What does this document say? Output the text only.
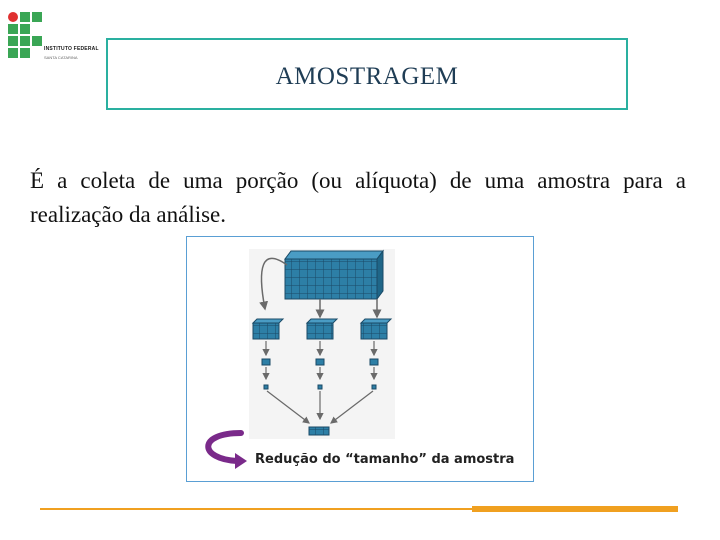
INSTITUTO FEDERAL
SANTA CATARINA
AMOSTRAGEM
É a coleta de uma porção (ou alíquota) de uma amostra para a realização da análise.
Redução do “tamanho” da amostra
